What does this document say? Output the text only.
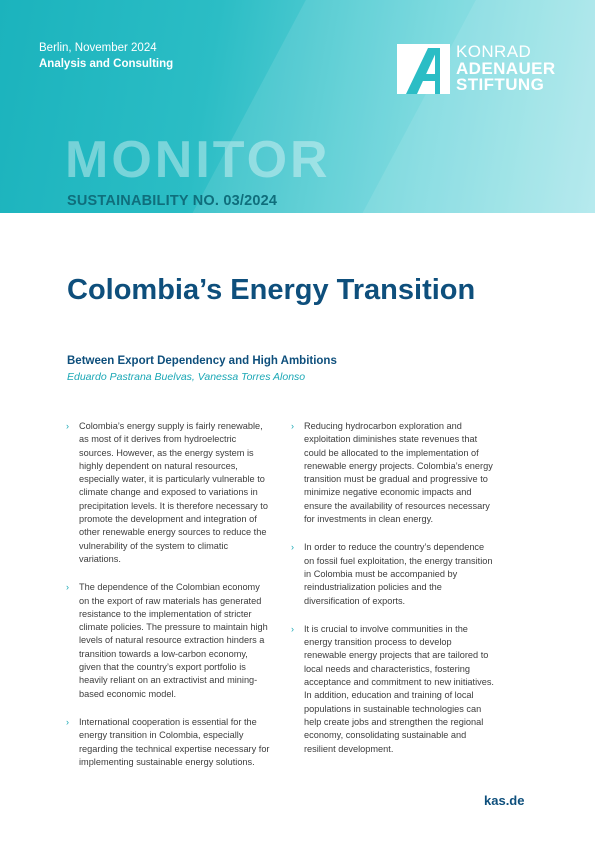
Berlin, November 2024
Analysis and Consulting
KONRAD
ADENAUER
STIFTUNG
MONITOR
SUSTAINABILITY NO. 03/2024
Colombia’s Energy Transition

Between Export Dependency and High Ambitions

Eduardo Pastrana Buelvas, Vanessa Torres Alonso

› Colombia’s energy supply is fairly renewable, as most of it derives from hydroelectric sources. However, as the energy system is highly dependent on natural resources, especially water, it is particularly vulnerable to climate change and exposed to variations in precipitation levels. It is therefore necessary to promote the development and integration of other renewable energy sources to reduce the vulnerability of the system to climatic variations.

› The dependence of the Colombian economy on the export of raw materials has generated resistance to the implementation of stricter climate policies. The pressure to maintain high levels of natural resource extraction hinders a transition towards a low-carbon economy, given that the country’s export portfolio is heavily reliant on an extractivist and mining-based economic model.

› International cooperation is essential for the energy transition in Colombia, especially regarding the technical expertise necessary for implementing sustainable energy solutions.

› Reducing hydrocarbon exploration and exploitation diminishes state revenues that could be allocated to the implementation of renewable energy projects. Colombia’s energy transition must be gradual and progressive to minimize negative economic impacts and ensure the availability of resources necessary for investments in clean energy.

› In order to reduce the country’s dependence on fossil fuel exploitation, the energy transition in Colombia must be accompanied by reindustrialization policies and the diversification of exports.

› It is crucial to involve communities in the energy transition process to develop renewable energy projects that are tailored to local needs and characteristics, fostering acceptance and commitment to new initiatives. In addition, education and training of local populations in sustainable technologies can help create jobs and strengthen the regional economy, consolidating sustainable and resilient development.

kas.de
